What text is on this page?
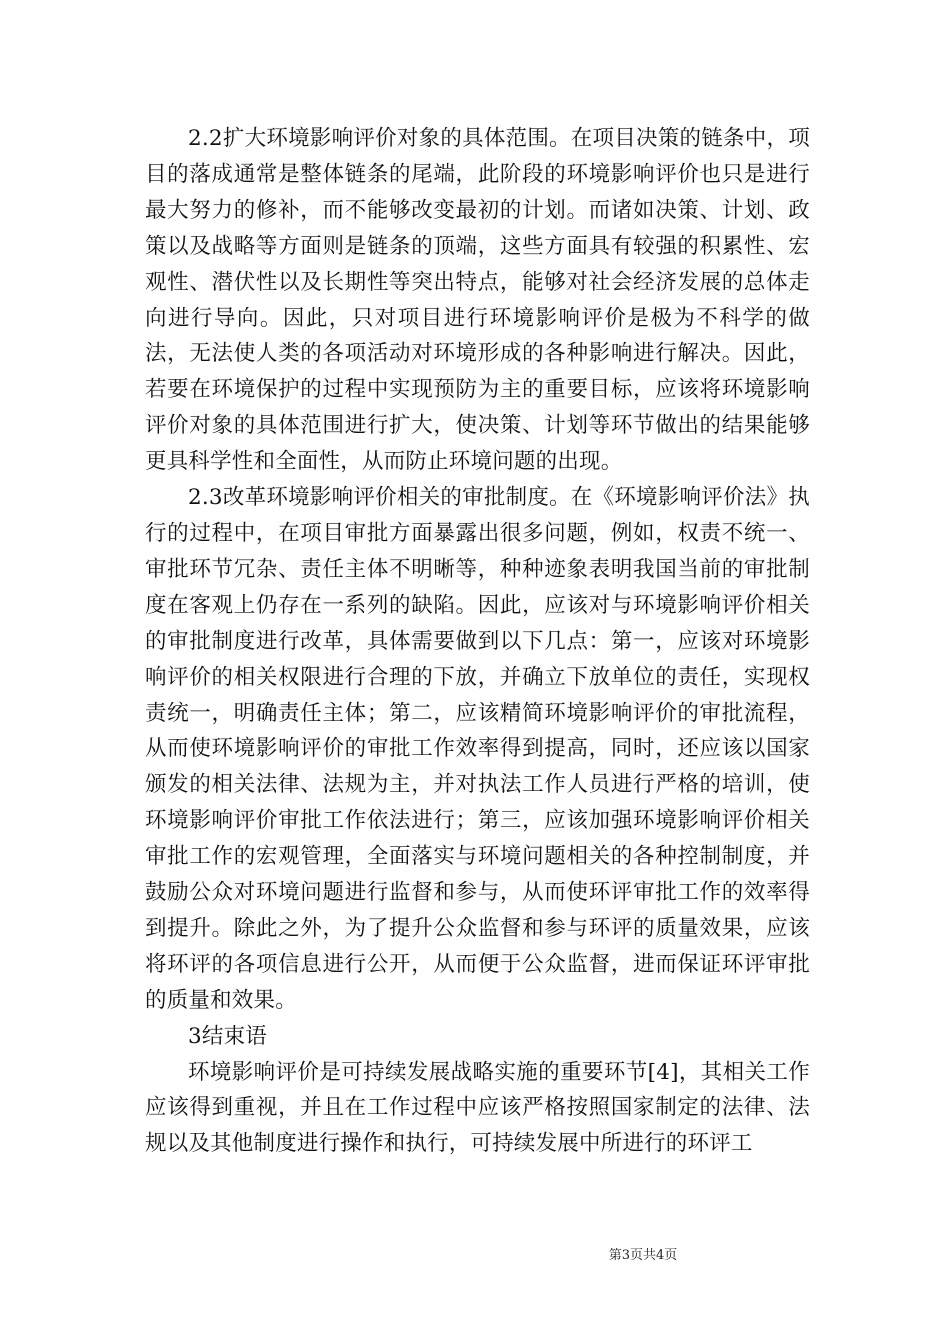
2.2扩大环境影响评价对象的具体范围。在项目决策的链条中，项目的落成通常是整体链条的尾端，此阶段的环境影响评价也只是进行最大努力的修补，而不能够改变最初的计划。而诸如决策、计划、政策以及战略等方面则是链条的顶端，这些方面具有较强的积累性、宏观性、潜伏性以及长期性等突出特点，能够对社会经济发展的总体走向进行导向。因此，只对项目进行环境影响评价是极为不科学的做法，无法使人类的各项活动对环境形成的各种影响进行解决。因此，若要在环境保护的过程中实现预防为主的重要目标，应该将环境影响评价对象的具体范围进行扩大，使决策、计划等环节做出的结果能够更具科学性和全面性，从而防止环境问题的出现。

2.3改革环境影响评价相关的审批制度。在《环境影响评价法》执行的过程中，在项目审批方面暴露出很多问题，例如，权责不统一、审批环节冗杂、责任主体不明晰等，种种迹象表明我国当前的审批制度在客观上仍存在一系列的缺陷。因此，应该对与环境影响评价相关的审批制度进行改革，具体需要做到以下几点：第一，应该对环境影响评价的相关权限进行合理的下放，并确立下放单位的责任，实现权责统一，明确责任主体；第二，应该精简环境影响评价的审批流程，从而使环境影响评价的审批工作效率得到提高，同时，还应该以国家颁发的相关法律、法规为主，并对执法工作人员进行严格的培训，使环境影响评价审批工作依法进行；第三，应该加强环境影响评价相关审批工作的宏观管理，全面落实与环境问题相关的各种控制制度，并鼓励公众对环境问题进行监督和参与，从而使环评审批工作的效率得到提升。除此之外，为了提升公众监督和参与环评的质量效果，应该将环评的各项信息进行公开，从而便于公众监督，进而保证环评审批的质量和效果。

3结束语

环境影响评价是可持续发展战略实施的重要环节[4]，其相关工作应该得到重视，并且在工作过程中应该严格按照国家制定的法律、法规以及其他制度进行操作和执行，可持续发展中所进行的环评工

第3页共4页
